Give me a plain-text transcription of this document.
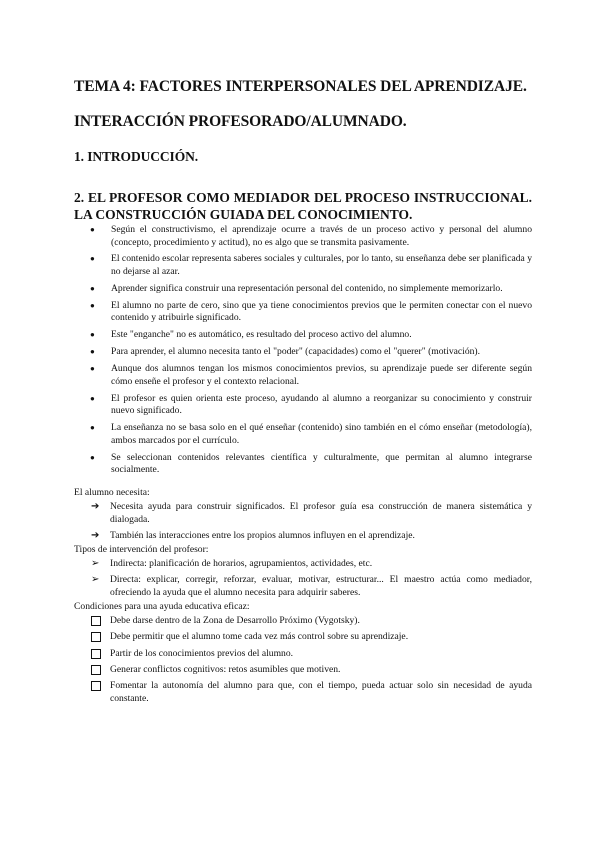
TEMA 4: FACTORES INTERPERSONALES DEL APRENDIZAJE.
INTERACCIÓN PROFESORADO/ALUMNADO.
1. INTRODUCCIÓN.
2. EL PROFESOR COMO MEDIADOR DEL PROCESO INSTRUCCIONAL. LA CONSTRUCCIÓN GUIADA DEL CONOCIMIENTO.
● Según el constructivismo, el aprendizaje ocurre a través de un proceso activo y personal del alumno (concepto, procedimiento y actitud), no es algo que se transmita pasivamente.
● El contenido escolar representa saberes sociales y culturales, por lo tanto, su enseñanza debe ser planificada y no dejarse al azar.
● Aprender significa construir una representación personal del contenido, no simplemente memorizarlo.
● El alumno no parte de cero, sino que ya tiene conocimientos previos que le permiten conectar con el nuevo contenido y atribuirle significado.
● Este "enganche" no es automático, es resultado del proceso activo del alumno.
● Para aprender, el alumno necesita tanto el "poder" (capacidades) como el "querer" (motivación).
● Aunque dos alumnos tengan los mismos conocimientos previos, su aprendizaje puede ser diferente según cómo enseñe el profesor y el contexto relacional.
● El profesor es quien orienta este proceso, ayudando al alumno a reorganizar su conocimiento y construir nuevo significado.
● La enseñanza no se basa solo en el qué enseñar (contenido) sino también en el cómo enseñar (metodología), ambos marcados por el currículo.
● Se seleccionan contenidos relevantes científica y culturalmente, que permitan al alumno integrarse socialmente.
El alumno necesita:
➔	Necesita ayuda para construir significados. El profesor guía esa construcción de manera sistemática y dialogada.
➔	También las interacciones entre los propios alumnos influyen en el aprendizaje.
Tipos de intervención del profesor:
➢	Indirecta: planificación de horarios, agrupamientos, actividades, etc.
➢	Directa: explicar, corregir, reforzar, evaluar, motivar, estructurar... El maestro actúa como mediador, ofreciendo la ayuda que el alumno necesita para adquirir saberes.
Condiciones para una ayuda educativa eficaz:
Debe darse dentro de la Zona de Desarrollo Próximo (Vygotsky).
Debe permitir que el alumno tome cada vez más control sobre su aprendizaje.
Partir de los conocimientos previos del alumno.
Generar conflictos cognitivos: retos asumibles que motiven.
Fomentar la autonomía del alumno para que, con el tiempo, pueda actuar solo sin necesidad de ayuda constante.
